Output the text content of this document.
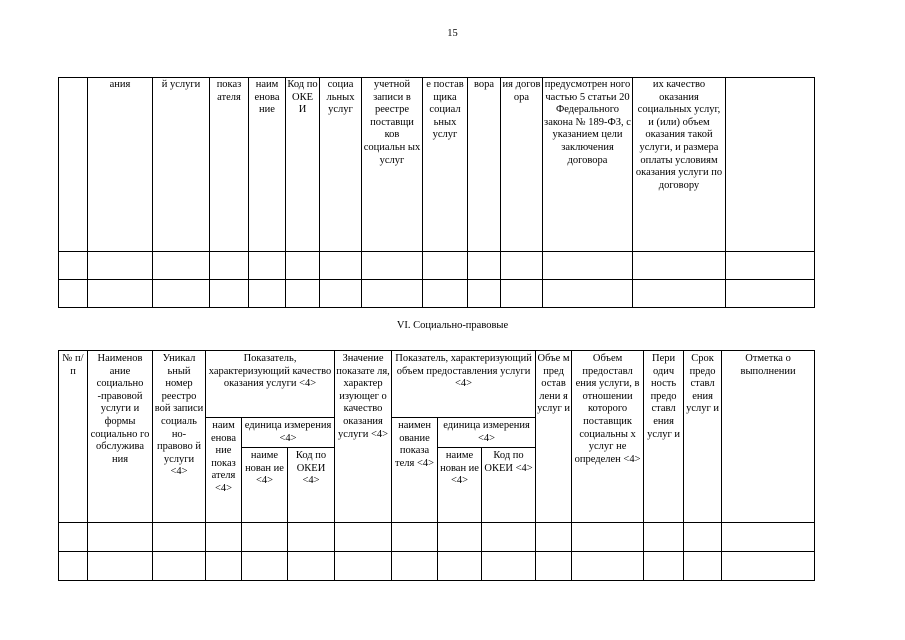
15
	ания	й услуги	показ ателя	наим енова ние	Код по ОКЕ И	социа льных услуг	учетной записи в реестре поставщи ков социальн ых услуг	е постав щика социал ьных услуг	вора	ия догов ора	предусмотрен ного частью 5 статьи 20 Федерального закона № 189-ФЗ, с указанием цели заключения договора	их качество оказания социальных услуг, и (или) объем оказания такой услуги, и размера оплаты условиям оказания услуги по договору	

VI. Социально-правовые
№ п/п	Наименов ание социально -правовой услуги и формы социально го обслужива ния	Уникал ьный номер реестро вой записи социаль но-правово й услуги <4>	Показатель, характеризующий качество оказания услуги <4>			Значение показате ля, характер изующег о качество оказания услуги <4>	Показатель, характеризующий объем предоставления услуги <4>			Объе м пред остав лени я услуг и	Объем предоставл ения услуги, в отношении которого поставщик социальны х услуг не определен <4>	Пери одич ность предо ставл ения услуг и	Срок предо ставл ения услуг и	Отметка о выполнении
			наим енова ние показ ателя <4>	единица измерения <4>			наимен ование показа теля <4>	единица измерения <4>						
				наиме нован ие <4>	Код по ОКЕИ <4>			наиме нован ие <4>	Код по ОКЕИ <4>					
